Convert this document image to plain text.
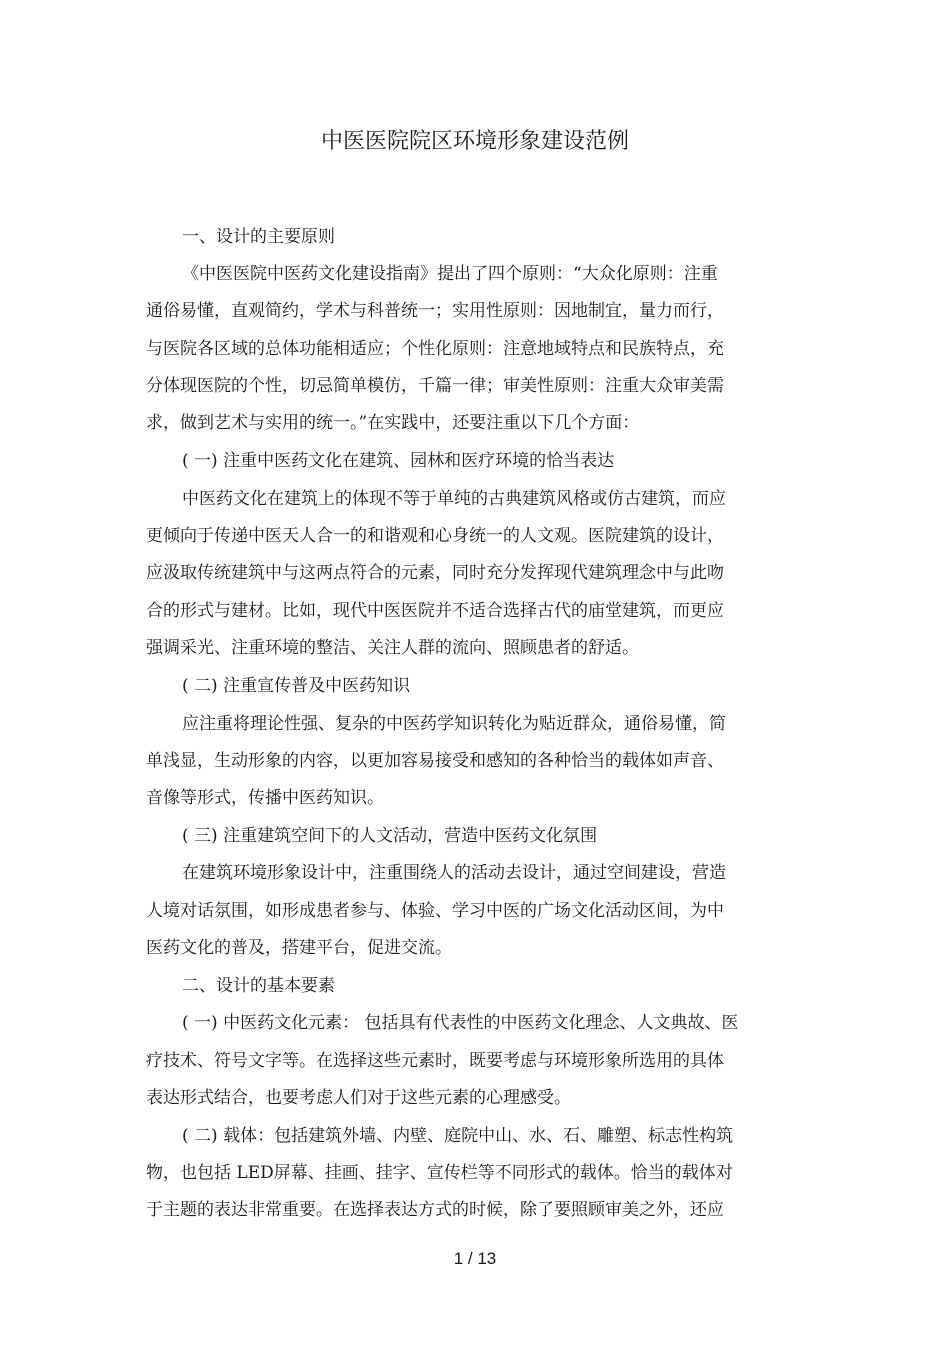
中医医院院区环境形象建设范例
一、设计的主要原则
《中医医院中医药文化建设指南》提出了四个原则：“大众化原则：注重
通俗易懂，直观简约，学术与科普统一；实用性原则：因地制宜，量力而行，
与医院各区域的总体功能相适应；个性化原则：注意地域特点和民族特点，充
分体现医院的个性，切忌简单模仿，千篇一律；审美性原则：注重大众审美需
求，做到艺术与实用的统一。”在实践中，还要注重以下几个方面：
( 一) 注重中医药文化在建筑、园林和医疗环境的恰当表达
中医药文化在建筑上的体现不等于单纯的古典建筑风格或仿古建筑，而应
更倾向于传递中医天人合一的和谐观和心身统一的人文观。医院建筑的设计，
应汲取传统建筑中与这两点符合的元素，同时充分发挥现代建筑理念中与此吻
合的形式与建材。比如，现代中医医院并不适合选择古代的庙堂建筑，而更应
强调采光、注重环境的整洁、关注人群的流向、照顾患者的舒适。
( 二) 注重宣传普及中医药知识
应注重将理论性强、复杂的中医药学知识转化为贴近群众，通俗易懂，简
单浅显，生动形象的内容，以更加容易接受和感知的各种恰当的载体如声音、
音像等形式，传播中医药知识。
( 三) 注重建筑空间下的人文活动，营造中医药文化氛围
在建筑环境形象设计中，注重围绕人的活动去设计，通过空间建设，营造
人境对话氛围，如形成患者参与、体验、学习中医的广场文化活动区间，为中
医药文化的普及，搭建平台，促进交流。
二、设计的基本要素
( 一) 中医药文化元素： 包括具有代表性的中医药文化理念、人文典故、医
疗技术、符号文字等。在选择这些元素时，既要考虑与环境形象所选用的具体
表达形式结合，也要考虑人们对于这些元素的心理感受。
( 二) 载体：包括建筑外墙、内壁、庭院中山、水、石、雕塑、标志性构筑
物，也包括 LED屏幕、挂画、挂字、宣传栏等不同形式的载体。恰当的载体对
于主题的表达非常重要。在选择表达方式的时候，除了要照顾审美之外，还应
1 / 13
